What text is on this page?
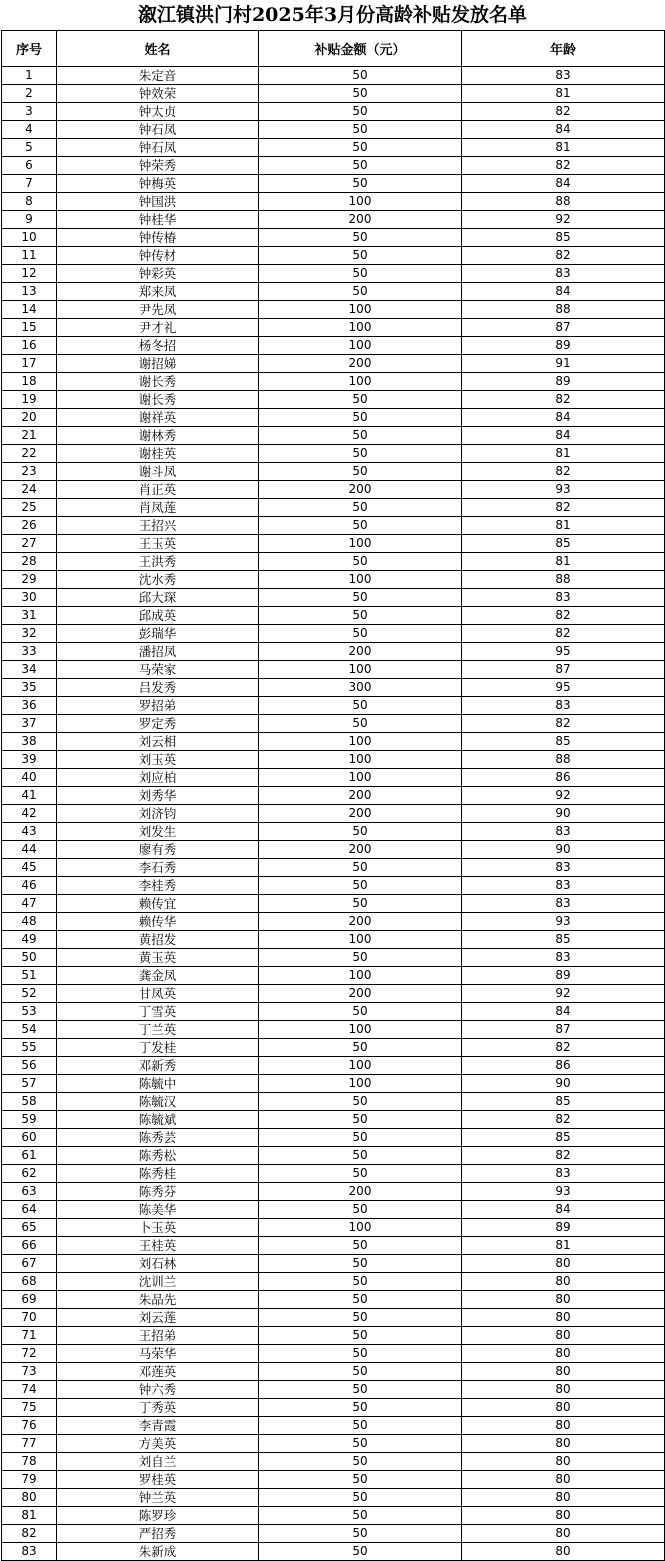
溆江镇洪门村2025年3月份高龄补贴发放名单
序号	姓名	补贴金额（元）	年龄
1	朱定音	50	83
2	钟效荣	50	81
3	钟太贞	50	82
4	钟石凤	50	84
5	钟石凤	50	81
6	钟荣秀	50	82
7	钟梅英	50	84
8	钟国洪	100	88
9	钟桂华	200	92
10	钟传椿	50	85
11	钟传材	50	82
12	钟彩英	50	83
13	郑来凤	50	84
14	尹先凤	100	88
15	尹才礼	100	87
16	杨冬招	100	89
17	谢招娣	200	91
18	谢长秀	100	89
19	谢长秀	50	82
20	谢祥英	50	84
21	谢林秀	50	84
22	谢桂英	50	81
23	谢斗凤	50	82
24	肖正英	200	93
25	肖凤莲	50	82
26	王招兴	50	81
27	王玉英	100	85
28	王洪秀	50	81
29	沈水秀	100	88
30	邱大琛	50	83
31	邱成英	50	82
32	彭瑞华	50	82
33	潘招凤	200	95
34	马荣家	100	87
35	吕发秀	300	95
36	罗招弟	50	83
37	罗定秀	50	82
38	刘云相	100	85
39	刘玉英	100	88
40	刘应柏	100	86
41	刘秀华	200	92
42	刘济钧	200	90
43	刘发生	50	83
44	廖有秀	200	90
45	李石秀	50	83
46	李桂秀	50	83
47	赖传宜	50	83
48	赖传华	200	93
49	黄招发	100	85
50	黄玉英	50	83
51	龚金凤	100	89
52	甘凤英	200	92
53	丁雪英	50	84
54	丁兰英	100	87
55	丁发桂	50	82
56	邓新秀	100	86
57	陈毓中	100	90
58	陈毓汉	50	85
59	陈毓斌	50	82
60	陈秀芸	50	85
61	陈秀松	50	82
62	陈秀桂	50	83
63	陈秀芬	200	93
64	陈美华	50	84
65	卜玉英	100	89
66	王桂英	50	81
67	刘石林	50	80
68	沈训兰	50	80
69	朱品先	50	80
70	刘云莲	50	80
71	王招弟	50	80
72	马荣华	50	80
73	邓莲英	50	80
74	钟六秀	50	80
75	丁秀英	50	80
76	李青霞	50	80
77	方美英	50	80
78	刘自兰	50	80
79	罗桂英	50	80
80	钟兰英	50	80
81	陈罗珍	50	80
82	严招秀	50	80
83	朱新成	50	80
